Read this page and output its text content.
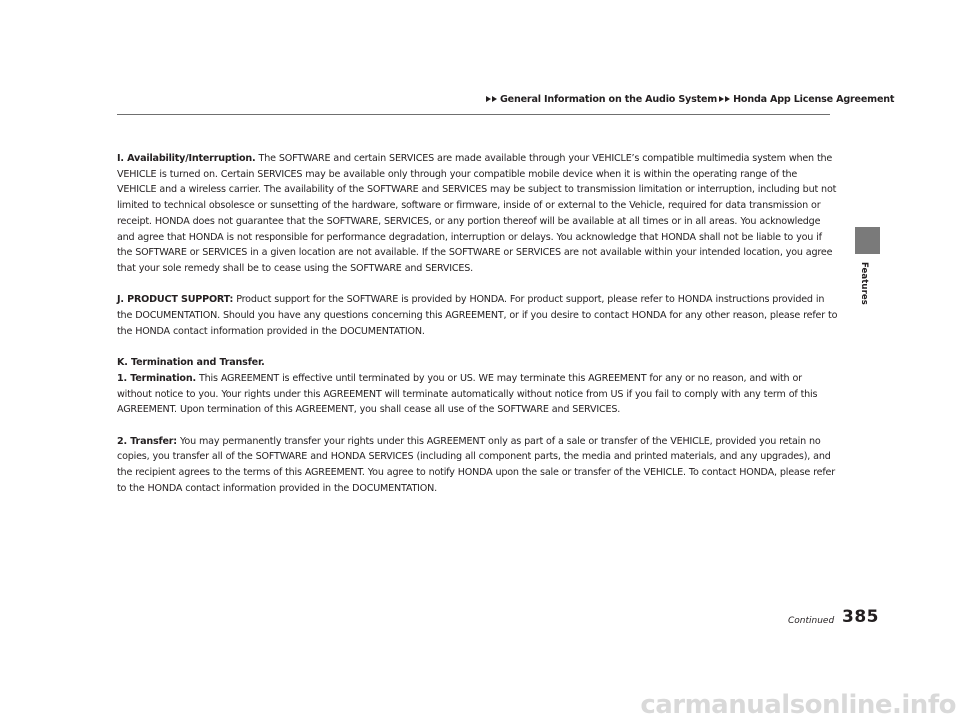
General Information on the Audio System Honda App License Agreement
Features

I. Availability/Interruption. The SOFTWARE and certain SERVICES are made available through your VEHICLE’s compatible multimedia system when the VEHICLE is turned on. Certain SERVICES may be available only through your compatible mobile device when it is within the operating range of the VEHICLE and a wireless carrier. The availability of the SOFTWARE and SERVICES may be subject to transmission limitation or interruption, including but not limited to technical obsolesce or sunsetting of the hardware, software or firmware, inside of or external to the Vehicle, required for data transmission or receipt. HONDA does not guarantee that the SOFTWARE, SERVICES, or any portion thereof will be available at all times or in all areas. You acknowledge and agree that HONDA is not responsible for performance degradation, interruption or delays. You acknowledge that HONDA shall not be liable to you if the SOFTWARE or SERVICES in a given location are not available. If the SOFTWARE or SERVICES are not available within your intended location, you agree that your sole remedy shall be to cease using the SOFTWARE and SERVICES.

J. PRODUCT SUPPORT: Product support for the SOFTWARE is provided by HONDA. For product support, please refer to HONDA instructions provided in the DOCUMENTATION. Should you have any questions concerning this AGREEMENT, or if you desire to contact HONDA for any other reason, please refer to the HONDA contact information provided in the DOCUMENTATION.

K. Termination and Transfer.

1. Termination. This AGREEMENT is effective until terminated by you or US. WE may terminate this AGREEMENT for any or no reason, and with or without notice to you. Your rights under this AGREEMENT will terminate automatically without notice from US if you fail to comply with any term of this AGREEMENT. Upon termination of this AGREEMENT, you shall cease all use of the SOFTWARE and SERVICES.

2. Transfer: You may permanently transfer your rights under this AGREEMENT only as part of a sale or transfer of the VEHICLE, provided you retain no copies, you transfer all of the SOFTWARE and HONDA SERVICES (including all component parts, the media and printed materials, and any upgrades), and the recipient agrees to the terms of this AGREEMENT. You agree to notify HONDA upon the sale or transfer of the VEHICLE. To contact HONDA, please refer to the HONDA contact information provided in the DOCUMENTATION.

Continued 385
carmanualsonline.info
